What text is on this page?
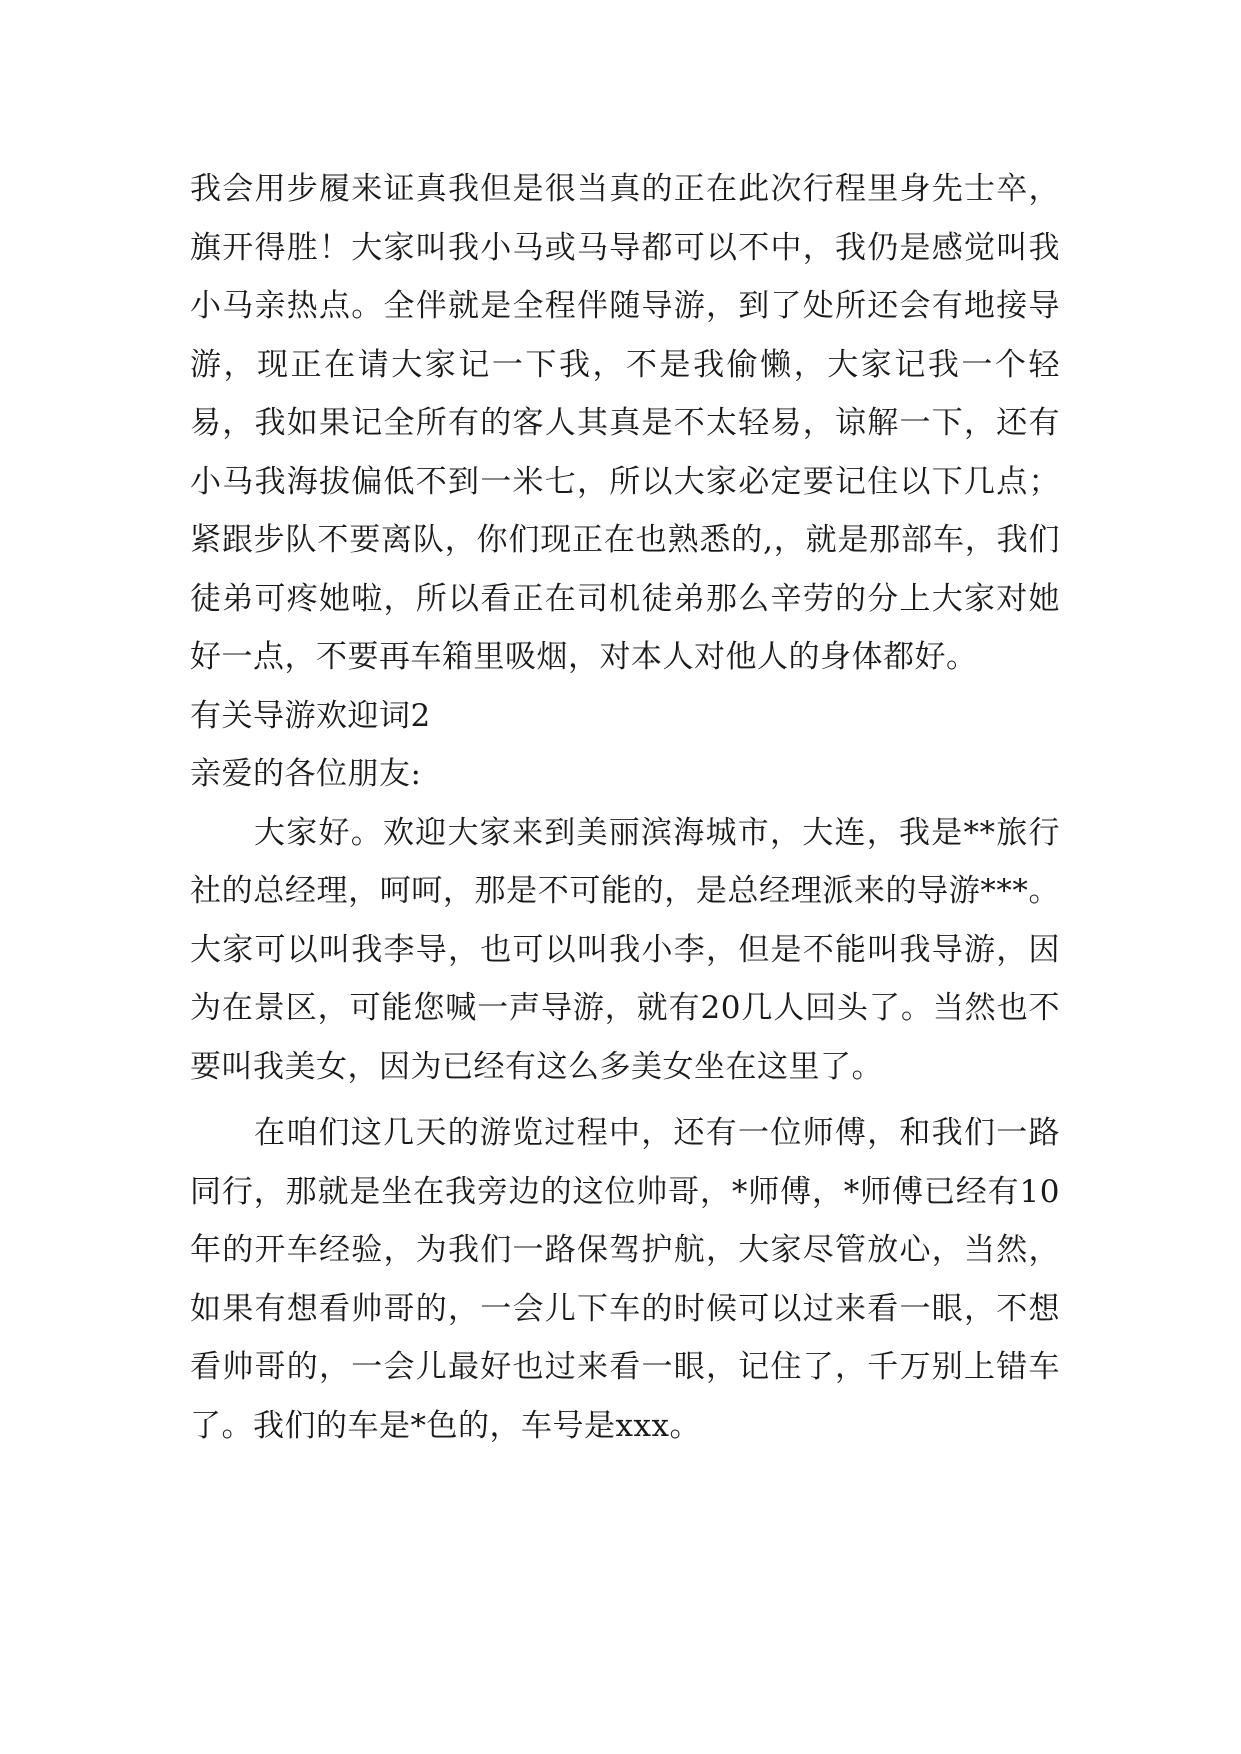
我会用步履来证真我但是很当真的正在此次行程里身先士卒，旗开得胜！大家叫我小马或马导都可以不中，我仍是感觉叫我小马亲热点。全伴就是全程伴随导游，到了处所还会有地接导游，现正在请大家记一下我，不是我偷懒，大家记我一个轻易，我如果记全所有的客人其真是不太轻易，谅解一下，还有小马我海拔偏低不到一米七，所以大家必定要记住以下几点；紧跟步队不要离队，你们现正在也熟悉的,，就是那部车，我们徒弟可疼她啦，所以看正在司机徒弟那么辛劳的分上大家对她好一点，不要再车箱里吸烟，对本人对他人的身体都好。

有关导游欢迎词2

亲爱的各位朋友:

大家好。欢迎大家来到美丽滨海城市，大连，我是**旅行社的总经理，呵呵，那是不可能的，是总经理派来的导游***。大家可以叫我李导，也可以叫我小李，但是不能叫我导游，因为在景区，可能您喊一声导游，就有20几人回头了。当然也不要叫我美女，因为已经有这么多美女坐在这里了。

在咱们这几天的游览过程中，还有一位师傅，和我们一路同行，那就是坐在我旁边的这位帅哥，*师傅，*师傅已经有10年的开车经验，为我们一路保驾护航，大家尽管放心，当然，如果有想看帅哥的，一会儿下车的时候可以过来看一眼，不想看帅哥的，一会儿最好也过来看一眼，记住了，千万别上错车了。我们的车是*色的，车号是xxx。
